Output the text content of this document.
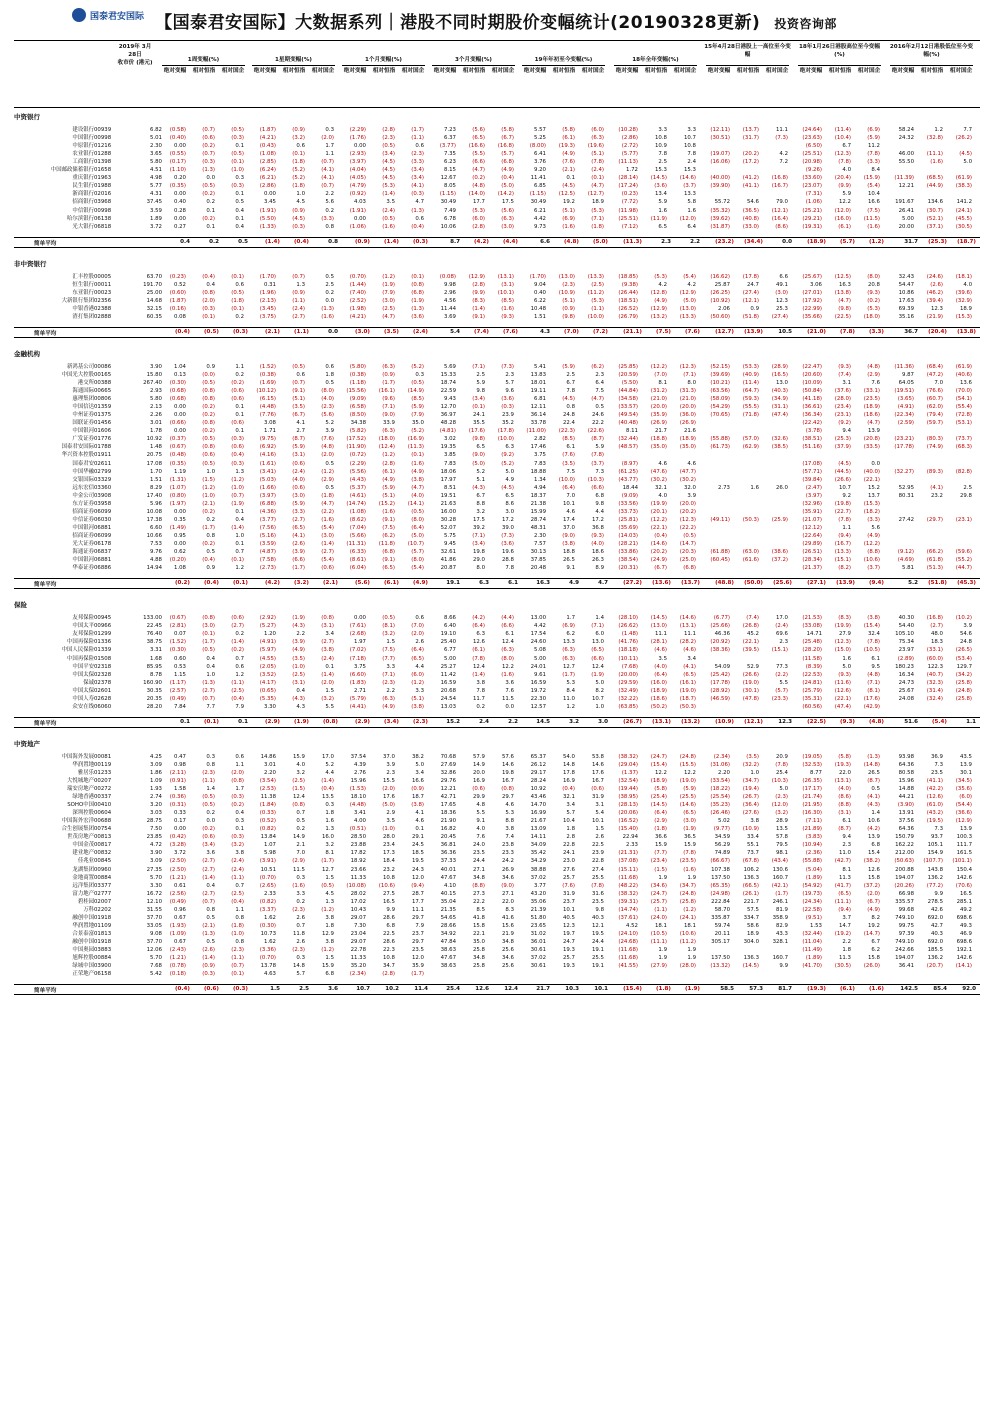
国泰君安国际 【国泰君安国际】大数据系列｜港股不同时期股价变幅统计(20190328更新) 投资咨询部
2019年 3月28日
收市价 (港元)	1周变幅(%)
绝对变幅	相对恒指	相对国企
1星期变幅(%)
绝对变幅	相对恒指	相对国企
1个月变幅(%)
绝对变幅	相对恒指	相对国企
3个月变幅(%)
绝对变幅	相对恒指	相对国企
19年年初至今变幅(%)
绝对变幅	相对恒指	相对国企
18年全年变幅(%)
绝对变幅	相对恒指	相对国企
15年4月28日港股上一高位至今变幅
绝对变幅	相对恒指	相对国企
18年1月26日港股高位至今变幅(%)
绝对变幅	相对恒指	相对国企
2016年2月12日港股低位至今变幅(%)
绝对变幅	相对恒指	相对国企
中资银行
建设银行 00939	6.82	(0.58)	(0.7)	(0.5)	(1.87)	(0.9)	0.3	(2.29)	(2.8)	(1.7)	7.23	(5.6)	(5.8)	5.57	(5.8)	(6.0)	(10.28)	3.3	3.3	(12.11)	(13.7)	11.1	(24.64)	(11.4)	(6.9)	58.24	1.2	7.7
中国银行 00998	5.01	(0.40)	(0.6)	(0.3)	(4.21)	(3.2)	(2.0)	(1.76)	(2.3)	(1.1)	6.37	(6.5)	(6.7)	5.25	(6.1)	(6.3)	(2.86)	10.8	10.7	(30.51)	(31.7)	(7.3)	(23.63)	(10.4)	(5.9)	24.32	(32.8)	(26.2)
中原银行 01216	2.30	0.00	(0.2)	0.1	(0.43)	0.6	1.7	0.00	(0.5)	0.6	(3.77)	(16.6)	(16.8)	(8.00)	(19.3)	(19.6)	(2.72)	10.9	10.8	(6.50)	6.7	11.2
农业银行 01288	3.65	(0.55)	(0.7)	(0.5)	(1.08)	(0.1)	1.1	(2.93)	(3.4)	(2.3)	7.35	(5.5)	(5.7)	6.41	(4.9)	(5.1)	(5.77)	7.8	7.8	(19.07)	(20.2)	4.2	(25.51)	(12.3)	(7.8)	46.00	(11.1)	(4.5)
工商银行 01398	5.80	(0.17)	(0.3)	(0.1)	(2.85)	(1.8)	(0.7)	(3.97)	(4.5)	(3.3)	6.23	(6.6)	(6.8)	3.76	(7.6)	(7.8)	(11.13)	2.5	2.4	(16.06)	(17.2)	7.2	(20.98)	(7.8)	(3.3)	55.50	(1.6)	5.0
中国邮政储蓄银行 01658	4.51	(1.10)	(1.3)	(1.0)	(6.24)	(5.2)	(4.1)	(4.04)	(4.5)	(3.4)	8.15	(4.7)	(4.9)	9.20	(2.1)	(2.4)	1.72	15.3	15.3	(9.26)	4.0	8.4
重庆银行 01963	4.98	0.20	0.0	0.3	(6.21)	(5.2)	(4.1)	(4.05)	(4.5)	(3.4)	12.67	(0.2)	(0.4)	11.41	0.1	(0.1)	(28.14)	(14.5)	(14.6)	(40.00)	(41.2)	(16.8)	(33.60)	(20.4)	(15.9)	(11.39)	(68.5)	(61.9)
民生银行 01988	5.77	(0.35)	(0.5)	(0.3)	(2.86)	(1.8)	(0.7)	(4.79)	(5.3)	(4.1)	8.05	(4.8)	(5.0)	6.85	(4.5)	(4.7)	(17.24)	(3.6)	(3.7)	(39.90)	(41.1)	(16.7)	(23.07)	(9.9)	(5.4)	12.21	(44.9)	(38.3)
浙商银行 02016	4.31	0.00	(0.2)	0.1	0.00	1.0	2.2	(0.92)	(1.4)	(0.3)	(1.15)	(14.0)	(14.2)	(1.15)	(12.5)	(12.7)	(0.23)	13.4	13.3	(7.31)	5.9	10.4
招商银行 03968	37.45	0.40	0.2	0.5	3.45	4.5	5.6	4.03	3.5	4.7	30.49	17.7	17.5	30.49	19.2	18.9	(7.72)	5.9	5.8	55.72	54.6	79.0	(1.06)	12.2	16.6	191.67	134.6	141.2
中信银行 00998	3.59	0.28	0.1	0.4	(1.91)	(0.9)	0.2	(1.91)	(2.4)	(1.3)	7.49	(5.3)	(5.6)	6.21	(5.1)	(5.3)	(11.98)	1.6	1.6	(35.32)	(36.5)	(12.1)	(25.21)	(12.0)	(7.5)	26.41	(30.7)	(24.1)
哈尔滨银行 06138	1.89	0.00	(0.2)	0.1	(5.50)	(4.5)	(3.3)	0.00	(0.5)	0.6	6.78	(6.0)	(6.3)	4.42	(6.9)	(7.1)	(25.51)	(11.9)	(12.0)	(39.62)	(40.8)	(16.4)	(29.21)	(16.0)	(11.5)	5.00	(52.1)	(45.5)
光大银行 06818	3.72	0.27	0.1	0.4	(1.33)	(0.3)	0.8	(1.06)	(1.6)	(0.4)	10.06	(2.8)	(3.0)	9.73	(1.6)	(1.8)	(7.12)	6.5	6.4	(31.87)	(33.0)	(8.6)	(19.31)	(6.1)	(1.6)	20.00	(37.1)	(30.5)
简单平均	0.4	0.2	0.5	(1.4)	(0.4)	0.8	(0.9)	(1.4)	(0.3)	8.7	(4.2)	(4.4)	6.6	(4.8)	(5.0)	(11.3)	2.3	2.2	(23.2)	(34.4)	0.0	(18.9)	(5.7)	(1.2)	31.7	(25.3)	(18.7)
非中资银行
汇丰控股 00005	63.70	(0.23)	(0.4)	(0.1)	(1.70)	(0.7)	0.5	(0.70)	(1.2)	(0.1)	(0.08)	(12.9)	(13.1)	(1.70)	(13.0)	(13.3)	(18.85)	(5.3)	(5.4)	(16.62)	(17.8)	6.6	(25.67)	(12.5)	(8.0)	32.43	(24.6)	(18.1)
恒生银行 00011	191.70	0.52	0.4	0.6	0.31	1.3	2.5	(1.44)	(1.9)	(0.8)	9.98	(2.8)	(3.1)	9.04	(2.3)	(2.5)	(9.38)	4.2	4.2	25.87	24.7	49.1	3.06	16.3	20.8	54.47	(2.6)	4.0
东亚银行 00023	25.00	(0.60)	(0.8)	(0.5)	(1.96)	(0.9)	0.2	(7.40)	(7.9)	(6.8)	2.96	(9.9)	(10.1)	0.40	(10.9)	(11.2)	(26.44)	(12.8)	(12.9)	(26.25)	(27.4)	(3.0)	(27.01)	(13.8)	(9.3)	10.86	(46.2)	(39.6)
大新银行集团 02356	14.68	(1.87)	(2.0)	(1.8)	(2.13)	(1.1)	0.0	(2.52)	(3.0)	(1.9)	4.56	(8.3)	(8.5)	6.22	(5.1)	(5.3)	(18.51)	(4.9)	(5.0)	(10.92)	(12.1)	12.3	(17.92)	(4.7)	(0.2)	17.63	(39.4)	(32.9)
中银香港 02388	32.15	(0.16)	(0.3)	(0.1)	(3.45)	(2.4)	(1.3)	(1.98)	(2.5)	(1.3)	11.44	(1.4)	(1.6)	10.48	(0.9)	(1.1)	(26.52)	(12.9)	(13.0)	2.06	0.9	25.3	(22.99)	(9.8)	(5.3)	69.39	12.3	18.9
渣打集团 02888	60.35	0.08	(0.1)	0.2	(3.75)	(2.7)	(1.6)	(4.21)	(4.7)	(3.6)	3.69	(9.1)	(9.3)	1.51	(9.8)	(10.0)	(26.79)	(13.2)	(13.3)	(50.60)	(51.8)	(27.4)	(35.66)	(22.5)	(18.0)	35.16	(21.9)	(15.3)
简单平均	(0.4)	(0.5)	(0.3)	(2.1)	(1.1)	0.0	(3.0)	(3.5)	(2.4)	5.4	(7.4)	(7.6)	4.3	(7.0)	(7.2)	(21.1)	(7.5)	(7.6)	(12.7)	(13.9)	10.5	(21.0)	(7.8)	(3.3)	36.7	(20.4)	(13.8)
金融机构
新鸿基公司 00086	3.90	1.04	0.9	1.1	(1.52)	(0.5)	0.6	(5.80)	(6.3)	(5.2)	5.69	(7.1)	(7.3)	5.41	(5.9)	(6.2)	(25.85)	(12.2)	(12.3)	(52.15)	(53.3)	(28.9)	(22.47)	(9.3)	(4.8)	(11.36)	(68.4)	(61.9)
中国光大控股 00165	15.80	0.13	(0.0)	0.2	(0.38)	0.6	1.8	(0.38)	(0.9)	0.3	15.33	2.5	2.3	13.83	2.5	2.3	(20.59)	(7.0)	(7.1)	(39.69)	(40.9)	(16.5)	(20.60)	(7.4)	(2.9)	9.87	(47.2)	(40.6)
港交所 00388	267.40	(0.30)	(0.5)	(0.2)	(1.69)	(0.7)	0.5	(1.18)	(1.7)	(0.5)	18.74	5.9	5.7	18.01	6.7	6.4	(5.50)	8.1	8.0	(10.21)	(11.4)	13.0	(10.09)	3.1	7.6	64.05	7.0	13.6
海通国际 00665	2.93	(0.68)	(0.8)	(0.6)	(10.12)	(9.1)	(8.0)	(15.56)	(16.1)	(14.9)	22.59	9.8	9.6	19.11	7.8	7.5	(44.84)	(31.2)	(31.3)	(63.56)	(64.7)	(40.3)	(50.84)	(37.6)	(33.1)	(19.51)	(76.6)	(70.0)
惠理集团 00806	5.80	(0.68)	(0.8)	(0.6)	(6.15)	(5.1)	(4.0)	(9.09)	(9.6)	(8.5)	9.43	(3.4)	(3.6)	6.81	(4.5)	(4.7)	(34.58)	(21.0)	(21.0)	(58.09)	(59.3)	(34.9)	(41.18)	(28.0)	(23.5)	(3.65)	(60.7)	(54.1)
中国信达 01359	2.13	0.00	(0.2)	0.1	(4.48)	(3.5)	(2.3)	(6.58)	(7.1)	(5.9)	12.70	(0.1)	(0.3)	12.11	0.8	0.5	(33.57)	(20.0)	(20.0)	(54.29)	(55.5)	(31.1)	(36.61)	(23.4)	(18.9)	(4.91)	(62.0)	(55.4)
中州证券 01375	2.26	0.00	(0.2)	0.1	(7.76)	(6.7)	(5.6)	(8.50)	(9.0)	(7.9)	36.97	24.1	23.9	36.14	24.8	24.6	(49.54)	(35.9)	(36.0)	(70.65)	(71.8)	(47.4)	(36.34)	(23.1)	(18.6)	(22.34)	(79.4)	(72.8)
国联证券 01456	3.01	(0.66)	(0.8)	(0.6)	3.08	4.1	5.2	34.38	33.9	35.0	48.28	35.5	35.2	33.78	22.4	22.2	(40.48)	(26.9)	(26.9)	(22.42)	(9.2)	(4.7)	(2.59)	(59.7)	(53.1)
中国银河 01606	1.78	0.00	(0.2)	0.1	1.71	2.7	3.9	(5.82)	(6.3)	(5.2)	(4.81)	(17.6)	(17.8)	(11.00)	(22.3)	(22.6)	8.11	21.7	21.6	(3.78)	9.4	13.9
广发证券 01776	10.92	(0.37)	(0.5)	(0.3)	(9.75)	(8.7)	(7.6)	(17.52)	(18.0)	(16.9)	3.02	(9.8)	(10.0)	2.82	(8.5)	(8.7)	(32.44)	(18.8)	(18.9)	(55.88)	(57.0)	(32.6)	(38.51)	(25.3)	(20.8)	(23.21)	(80.3)	(73.7)
国泰君安国际 01788	1.48	(0.67)	(0.8)	(0.6)	(6.92)	(5.9)	(4.8)	(11.90)	(12.4)	(11.3)	19.35	6.5	6.3	17.46	6.1	5.9	(48.57)	(35.0)	(35.0)	(61.73)	(62.9)	(38.5)	(51.16)	(37.9)	(33.5)	(17.78)	(74.9)	(68.3)
华兴资本控股 01911	20.75	(0.48)	(0.6)	(0.4)	(4.16)	(3.1)	(2.0)	(0.72)	(1.2)	(0.1)	3.85	(9.0)	(9.2)	3.75	(7.6)	(7.8)
国泰君安 02611	17.08	(0.35)	(0.5)	(0.3)	(1.61)	(0.6)	0.5	(2.29)	(2.8)	(1.6)	7.83	(5.0)	(5.2)	7.83	(3.5)	(3.7)	(8.97)	4.6	4.6	(17.08)	(4.5)	0.0
中国华融 02799	1.70	1.19	1.0	1.3	(3.41)	(2.4)	(1.2)	(5.56)	(6.1)	(4.9)	18.06	5.2	5.0	18.88	7.5	7.3	(61.25)	(47.6)	(47.7)	(57.71)	(44.5)	(40.0)	(32.27)	(89.3)	(82.8)
交银国际 03329	1.51	(1.31)	(1.5)	(1.2)	(5.03)	(4.0)	(2.9)	(4.43)	(4.9)	(3.8)	17.97	5.1	4.9	1.34	(10.0)	(10.3)	(43.77)	(30.2)	(30.2)	(39.84)	(26.6)	(22.1)
远东宏信 03360	8.29	(1.07)	(1.2)	(1.0)	(1.66)	(0.6)	0.5	(5.37)	(5.9)	(4.7)	8.51	(4.3)	(4.5)	4.94	(6.4)	(6.6)	18.44	32.1	32.0	2.73	1.6	26.0	(2.47)	10.7	15.2	52.95	(4.1)	2.5
中金公司 03908	17.40	(0.80)	(1.0)	(0.7)	(3.97)	(3.0)	(1.8)	(4.61)	(5.1)	(4.0)	19.51	6.7	6.5	18.37	7.0	6.8	(9.09)	4.0	3.9	(3.97)	9.2	13.7	80.31	23.2	29.8
东方证券 03958	5.96	(1.97)	(2.1)	(1.9)	(6.88)	(5.9)	(4.7)	(14.74)	(15.2)	(14.1)	21.63	8.8	8.6	21.38	10.1	9.8	(33.56)	(19.9)	(20.0)	(32.96)	(19.8)	(15.3)
招商证券 06099	10.08	0.00	(0.2)	0.1	(4.36)	(3.3)	(2.2)	(1.08)	(1.6)	(0.5)	16.00	3.2	3.0	15.99	4.6	4.4	(33.73)	(20.1)	(20.2)	(35.91)	(22.7)	(18.2)
中信证券 06030	17.38	0.35	0.2	0.4	(3.77)	(2.7)	(1.6)	(8.62)	(9.1)	(8.0)	30.28	17.5	17.2	28.74	17.4	17.2	(25.81)	(12.2)	(12.3)	(49.11)	(50.3)	(25.9)	(21.07)	(7.8)	(3.3)	27.42	(29.7)	(23.1)
中国银河 06881	6.60	(1.49)	(1.7)	(1.4)	(7.56)	(6.5)	(5.4)	(7.04)	(7.5)	(6.4)	52.07	39.2	39.0	48.31	37.0	36.8	(35.69)	(22.1)	(22.2)	(12.12)	1.1	5.6
招商证券 06099	10.66	0.95	0.8	1.0	(5.16)	(4.1)	(3.0)	(5.66)	(6.2)	(5.0)	5.75	(7.1)	(7.3)	2.30	(9.0)	(9.3)	(14.03)	(0.4)	(0.5)	(22.64)	(9.4)	(4.9)
光大证券 06178	7.53	0.00	(0.2)	0.1	(3.59)	(2.6)	(1.4)	(11.31)	(11.8)	(10.7)	9.45	(3.4)	(3.6)	7.57	(3.8)	(4.0)	(28.21)	(14.6)	(14.7)	(29.89)	(16.7)	(12.2)
海通证券 06837	9.76	0.62	0.5	0.7	(4.87)	(3.9)	(2.7)	(6.33)	(6.8)	(5.7)	32.61	19.8	19.6	30.13	18.8	18.6	(33.86)	(20.2)	(20.3)	(61.88)	(63.0)	(38.6)	(26.51)	(13.3)	(8.8)	(9.12)	(66.2)	(59.6)
中国银河 06881	4.88	(0.20)	(0.4)	(0.1)	(7.58)	(6.6)	(5.4)	(8.61)	(9.1)	(8.0)	41.86	29.0	28.8	37.85	26.5	26.3	(38.54)	(24.9)	(25.0)	(60.45)	(61.6)	(37.2)	(28.34)	(15.1)	(10.6)	(4.69)	(61.8)	(55.2)
华泰证券 06886	14.94	1.08	0.9	1.2	(2.73)	(1.7)	(0.6)	(6.04)	(6.5)	(5.4)	20.87	8.0	7.8	20.48	9.1	8.9	(20.31)	(6.7)	(6.8)	(21.37)	(8.2)	(3.7)	5.81	(51.3)	(44.7)
简单平均	(0.2)	(0.4)	(0.1)	(4.2)	(3.2)	(2.1)	(5.6)	(6.1)	(4.9)	19.1	6.3	6.1	16.3	4.9	4.7	(27.2)	(13.6)	(13.7)	(48.8)	(50.0)	(25.6)	(27.1)	(13.9)	(9.4)	5.2	(51.8)	(45.3)
保险
友邦保险 00945	133.00	(0.67)	(0.8)	(0.6)	(2.92)	(1.9)	(0.8)	0.00	(0.5)	0.6	8.66	(4.2)	(4.4)	13.00	1.7	1.4	(28.10)	(14.5)	(14.6)	(6.77)	(7.4)	17.0	(21.53)	(8.3)	(3.8)	40.30	(16.8)	(10.2)
中国太平 00966	22.45	(2.81)	(3.0)	(2.7)	(5.27)	(4.3)	(3.1)	(7.61)	(8.1)	(7.0)	6.40	(6.4)	(6.6)	4.42	(6.9)	(7.1)	(26.62)	(13.0)	(13.1)	(25.66)	(26.8)	(2.4)	(33.08)	(19.9)	(15.4)	54.40	(2.7)	3.9
友邦保险 01299	76.40	0.07	(0.1)	0.2	1.20	2.2	3.4	(2.68)	(3.2)	(2.0)	19.10	6.3	6.1	17.54	6.2	6.0	(1.48)	11.1	11.1	46.36	45.2	69.6	14.71	27.9	32.4	105.10	48.0	54.6
中国再保险 01336	38.75	(1.52)	(1.7)	(1.4)	(4.91)	(3.9)	(2.7)	1.97	1.5	2.6	25.40	12.6	12.4	24.60	13.3	13.0	(41.76)	(28.1)	(28.2)	(20.92)	(22.1)	2.3	(25.48)	(12.3)	(7.8)	75.34	18.3	24.8
中国人民保险 01339	3.31	(0.30)	(0.5)	(0.2)	(5.97)	(4.9)	(3.8)	(7.02)	(7.5)	(6.4)	6.77	(6.1)	(6.3)	5.08	(6.3)	(6.5)	(18.18)	(4.6)	(4.6)	(38.36)	(39.5)	(15.1)	(28.20)	(15.0)	(10.5)	23.97	(33.1)	(26.5)
中国再保险 01508	1.68	0.60	0.4	0.7	(4.55)	(3.5)	(2.4)	(7.18)	(7.7)	(6.5)	5.00	(7.8)	(8.0)	5.00	(6.3)	(6.6)	(10.11)	3.5	3.4	(11.58)	1.6	6.1	(2.89)	(60.0)	(53.4)
中国平安 02318	85.95	0.53	0.4	0.6	(2.05)	(1.0)	0.1	3.75	3.3	4.4	25.27	12.4	12.2	24.01	12.7	12.4	(7.68)	(4.0)	(4.1)	54.09	52.9	77.3	(8.39)	5.0	9.5	180.23	122.3	129.7
中国太保 02328	8.78	1.15	1.0	1.2	(3.52)	(2.5)	(1.4)	(6.60)	(7.1)	(6.0)	11.42	(1.4)	(1.6)	9.61	(1.7)	(1.9)	(20.00)	(6.4)	(6.5)	(25.42)	(26.6)	(2.2)	(22.53)	(9.3)	(4.8)	16.34	(40.7)	(34.2)
保诚 02378	160.90	(1.17)	(1.3)	(1.1)	(4.17)	(3.1)	(2.0)	(1.83)	(2.3)	(1.2)	16.59	3.8	3.6	16.59	5.3	5.0	(29.59)	(16.0)	(16.1)	(17.78)	(19.0)	5.5	(24.81)	(11.6)	(7.1)	24.73	(32.3)	(25.8)
中国太保 02601	30.35	(2.57)	(2.7)	(2.5)	(0.65)	0.4	1.5	2.71	2.2	3.3	20.68	7.8	7.6	19.72	8.4	8.2	(32.49)	(18.9)	(19.0)	(28.92)	(30.1)	(5.7)	(25.79)	(12.6)	(8.1)	25.67	(31.4)	(24.8)
中国人寿 02628	20.35	(0.49)	(0.7)	(0.4)	(5.35)	(4.3)	(3.2)	(5.79)	(6.3)	(5.1)	24.54	11.7	11.5	22.30	11.0	10.7	(32.22)	(18.6)	(18.7)	(46.59)	(47.8)	(23.3)	(35.31)	(22.1)	(17.6)	24.08	(32.4)	(25.8)
众安在线 06060	28.20	7.84	7.7	7.9	3.30	4.3	5.5	(4.41)	(4.9)	(3.8)	13.03	0.2	0.0	12.57	1.2	1.0	(63.85)	(50.2)	(50.3)	(60.56)	(47.4)	(42.9)
简单平均	0.1	(0.1)	0.1	(2.9)	(1.9)	(0.8)	(2.9)	(3.4)	(2.3)	15.2	2.4	2.2	14.5	3.2	3.0	(26.7)	(13.1)	(13.2)	(10.9)	(12.1)	12.3	(22.5)	(9.3)	(4.8)	51.6	(5.4)	1.1
中资地产
中国海外发展 00081	4.25	0.47	0.3	0.6	14.86	15.9	17.0	37.54	37.0	38.2	70.68	57.9	57.6	65.37	54.0	53.8	(38.32)	(24.7)	(24.8)	(2.34)	(3.5)	20.9	(19.05)	(5.8)	(1.3)	93.98	36.9	43.5
华润置地 00119	3.09	0.98	0.8	1.1	3.01	4.0	5.2	4.39	3.9	5.0	27.69	14.9	14.6	26.12	14.8	14.6	(29.04)	(15.4)	(15.5)	(31.06)	(32.2)	(7.8)	(32.53)	(19.3)	(14.8)	64.36	7.3	13.9
雅居乐 01233	1.86	(2.11)	(2.3)	(2.0)	2.20	3.2	4.4	2.76	2.3	3.4	32.86	20.0	19.8	29.17	17.8	17.6	(1.37)	12.2	12.2	2.20	1.0	25.4	8.77	22.0	26.5	80.58	23.5	30.1
大悦城地产 00207	1.09	(0.91)	(1.1)	(0.8)	(3.54)	(2.5)	(1.4)	15.96	15.5	16.6	29.76	16.9	16.7	28.24	16.9	16.7	(32.54)	(18.9)	(19.0)	(33.54)	(34.7)	(10.3)	(26.35)	(13.1)	(8.7)	15.96	(41.1)	(34.5)
瑞安房地产 00272	1.93	1.58	1.4	1.7	(2.53)	(1.5)	(0.4)	(1.53)	(2.0)	(0.9)	12.21	(0.6)	(0.8)	10.92	(0.4)	(0.6)	(19.44)	(5.8)	(5.9)	(18.22)	(19.4)	5.0	(17.17)	(4.0)	0.5	14.88	(42.2)	(35.6)
绿地香港 00337	2.74	(0.36)	(0.5)	(0.3)	11.38	12.4	13.5	18.10	17.6	18.7	42.71	29.9	29.7	43.46	32.1	31.9	(38.95)	(25.4)	(25.5)	(25.54)	(26.7)	(2.3)	(21.74)	(8.6)	(4.1)	44.21	(12.6)	(6.0)
SOHO中国 00410	3.20	(0.31)	(0.5)	(0.2)	(1.84)	(0.8)	0.3	(4.48)	(5.0)	(3.8)	17.65	4.8	4.6	14.70	3.4	3.1	(28.13)	(14.5)	(14.6)	(35.23)	(36.4)	(12.0)	(21.95)	(8.8)	(4.3)	(3.90)	(61.0)	(54.4)
深圳控股 00604	3.03	0.33	0.2	0.4	(0.33)	0.7	1.8	3.41	2.9	4.1	18.36	5.5	5.3	16.99	5.7	5.4	(20.06)	(6.4)	(6.5)	(26.46)	(27.6)	(3.2)	(16.30)	(3.1)	1.4	13.91	(43.2)	(36.6)
中国海外宏洋 00688	28.75	0.17	0.0	0.3	(0.52)	0.5	1.6	4.00	3.5	4.6	21.90	9.1	8.8	21.67	10.4	10.1	(16.52)	(2.9)	(3.0)	5.02	3.8	28.9	(7.11)	6.1	10.6	37.56	(19.5)	(12.9)
合生创展集团 00754	7.50	0.00	(0.2)	0.1	(0.82)	0.2	1.3	(0.51)	(1.0)	0.1	16.82	4.0	3.8	13.09	1.8	1.5	(15.40)	(1.8)	(1.9)	(9.77)	(10.9)	13.5	(21.89)	(8.7)	(4.2)	64.36	7.3	13.9
世茂房地产 00813	23.85	(0.42)	(0.6)	(0.3)	13.84	14.9	16.0	28.50	28.0	29.1	20.45	7.6	7.4	14.11	2.8	2.6	22.94	36.6	36.5	34.59	33.4	57.8	(3.83)	9.4	13.9	150.79	93.7	100.3
中国金茂 00817	4.72	(3.28)	(3.4)	(3.2)	1.07	2.1	3.2	23.88	23.4	24.5	36.81	24.0	23.8	34.09	22.8	22.5	2.33	15.9	15.9	56.29	55.1	79.5	(10.94)	2.3	6.8	162.22	105.1	111.7
建业地产 00832	3.90	3.72	3.6	3.8	5.98	7.0	8.1	17.82	17.3	18.5	36.36	23.5	23.3	35.42	24.1	23.9	(21.31)	(7.7)	(7.8)	74.89	73.7	98.1	(2.36)	11.0	15.4	212.00	154.9	161.5
佳兆业 00845	3.09	(2.50)	(2.7)	(2.4)	(3.91)	(2.9)	(1.7)	18.92	18.4	19.5	37.33	24.4	24.2	34.29	23.0	22.8	(37.08)	(23.4)	(23.5)	(66.67)	(67.8)	(43.4)	(55.88)	(42.7)	(38.2)	(50.63)	(107.7)	(101.1)
龙湖集团 00960	27.35	(2.50)	(2.7)	(2.4)	10.51	11.5	12.7	23.66	23.2	24.3	40.01	27.1	26.9	38.88	27.6	27.4	(15.11)	(1.5)	(1.6)	107.38	106.2	130.6	(5.04)	8.1	12.6	200.88	143.8	150.4
金地商置 00884	5.70	(1.21)	(1.4)	(1.1)	(0.70)	0.3	1.5	11.33	10.8	12.0	47.67	34.8	34.6	37.02	25.7	25.5	(11.68)	1.9	1.9	137.50	136.3	160.7	(1.89)	11.3	15.8	194.07	136.2	142.6
远洋集团 03377	3.30	0.61	0.4	0.7	(2.65)	(1.6)	(0.5)	(10.08)	(10.6)	(9.4)	4.10	(8.8)	(9.0)	3.77	(7.6)	(7.8)	(48.22)	(34.6)	(34.7)	(65.35)	(66.5)	(42.1)	(54.92)	(41.7)	(37.2)	(20.26)	(77.2)	(70.6)
富力地产 02777	16.72	(2.56)	(2.7)	(2.5)	2.33	3.3	4.5	28.02	27.5	28.7	40.15	27.3	27.1	43.20	31.9	31.6	(38.32)	(24.7)	(24.8)	(24.98)	(26.1)	(1.7)	(19.73)	(6.5)	(2.0)	66.98	9.9	16.5
碧桂园 02007	12.10	(0.49)	(0.7)	(0.4)	(0.82)	0.2	1.3	17.02	16.5	17.7	35.04	22.2	22.0	35.06	23.7	23.5	(39.31)	(25.7)	(25.8)	222.84	221.7	246.1	(24.34)	(11.1)	(6.7)	335.57	278.5	285.1
万科 02202	31.55	0.96	0.8	1.1	(3.37)	(2.3)	(1.2)	10.43	9.9	11.1	21.35	8.5	8.3	21.39	10.1	9.8	(14.74)	(1.1)	(1.2)	58.70	57.5	81.9	(22.58)	(9.4)	(4.9)	99.68	42.6	49.2
融创中国 01918	37.70	0.67	0.5	0.8	1.62	2.6	3.8	29.07	28.6	29.7	54.65	41.8	41.6	51.80	40.5	40.3	(37.61)	(24.0)	(24.1)	335.87	334.7	358.9	(9.51)	3.7	8.2	749.10	692.0	698.6
华润置地 01109	33.05	(1.93)	(2.1)	(1.8)	(0.30)	0.7	1.8	7.30	6.8	7.9	28.66	15.8	15.6	23.65	12.3	12.1	4.52	18.1	18.1	59.74	58.6	82.9	1.53	14.7	19.2	99.75	42.7	49.3
合景泰富 01813	9.08	(1.09)	(1.3)	(1.0)	10.73	11.8	12.9	23.04	22.5	23.7	34.92	22.1	21.9	31.02	19.7	19.5	(24.10)	(10.5)	(10.6)	20.11	18.9	43.3	(32.44)	(19.2)	(14.7)	97.39	40.3	46.9
融创中国 01918	37.70	0.67	0.5	0.8	1.62	2.6	3.8	29.07	28.6	29.7	47.84	35.0	34.8	36.01	24.7	24.4	(24.68)	(11.1)	(11.2)	305.17	304.0	328.1	(11.04)	2.2	6.7	749.10	692.0	698.6
中国奥园 03883	12.06	(2.43)	(2.6)	(2.3)	(3.36)	(2.3)	(1.2)	22.78	22.3	23.5	38.63	25.8	25.6	30.61	19.3	19.1	(11.68)	1.9	1.9	(11.49)	1.8	6.2	242.66	185.5	192.1
旭辉控股 00884	5.70	(1.21)	(1.4)	(1.1)	(0.70)	0.3	1.5	11.33	10.8	12.0	47.67	34.8	34.6	37.02	25.7	25.5	(11.68)	1.9	1.9	137.50	136.3	160.7	(1.89)	11.3	15.8	194.07	136.2	142.6
绿城中国 03900	7.68	(0.78)	(0.9)	(0.7)	13.78	14.8	15.9	35.20	34.7	35.9	38.63	25.8	25.6	30.61	19.3	19.1	(41.55)	(27.9)	(28.0)	(13.32)	(14.5)	9.9	(41.70)	(30.5)	(26.0)	36.41	(20.7)	(14.1)
正荣地产 06158	5.42	(0.18)	(0.3)	(0.1)	4.63	5.7	6.8	(2.34)	(2.8)	(1.7)
简单平均	(0.4)	(0.6)	(0.3)	1.5	2.5	3.6	10.7	10.2	11.4	25.4	12.6	12.4	21.7	10.3	10.1	(15.4)	(1.8)	(1.9)	58.5	57.3	81.7	(19.3)	(6.1)	(1.6)	142.5	85.4	92.0
